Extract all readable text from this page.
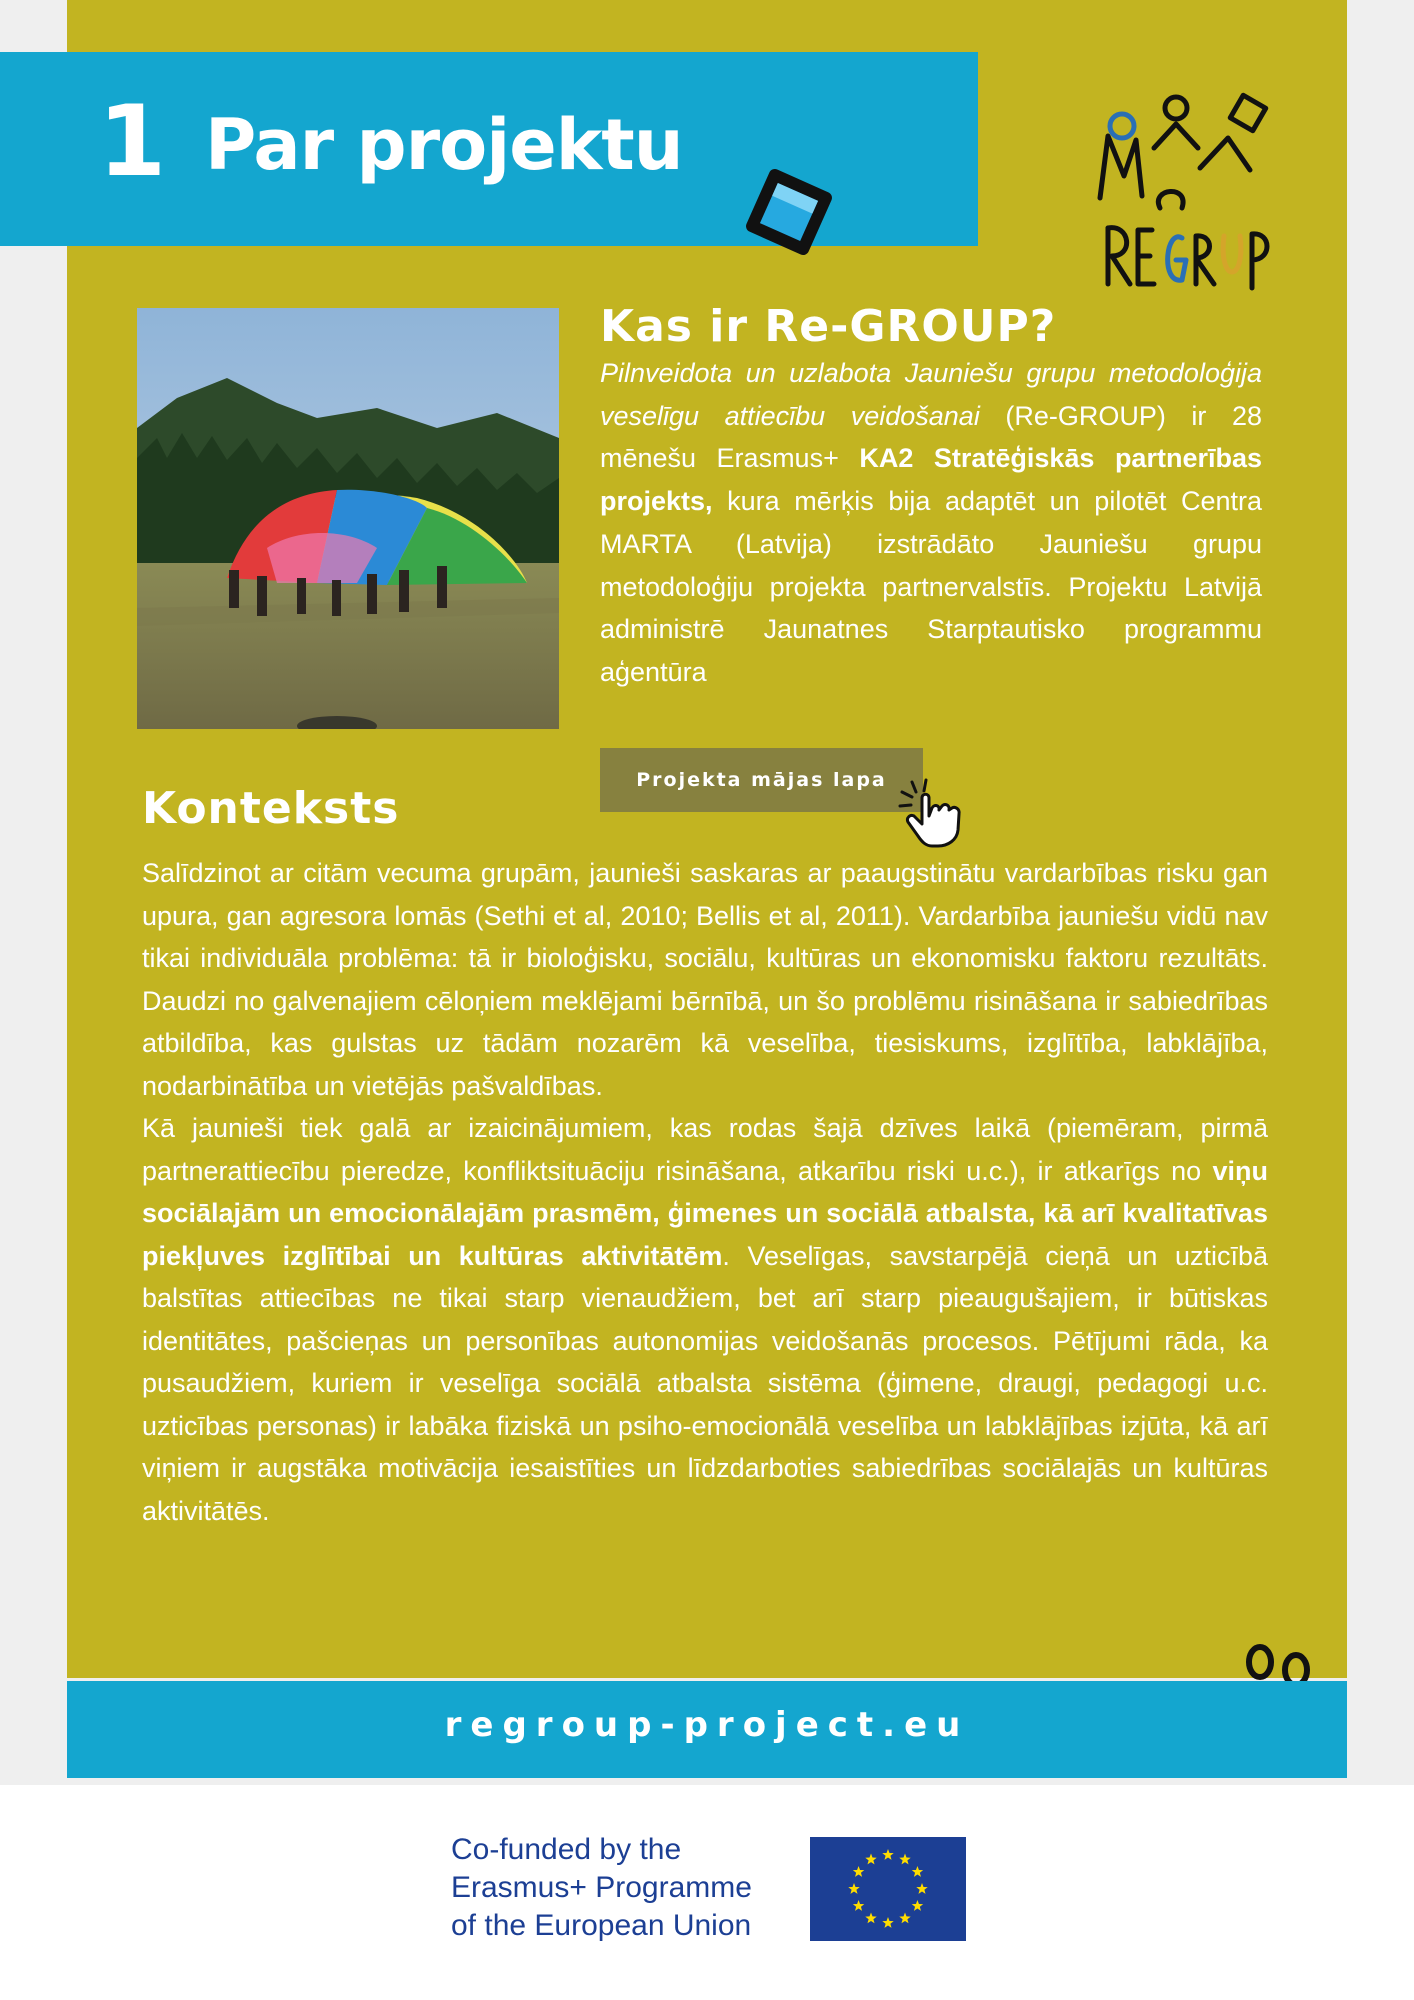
1 Par projektu
Kas ir Re-GROUP?
Pilnveidota un uzlabota Jauniešu grupu metodoloģija veselīgu attiecību veidošanai (Re-GROUP) ir 28 mēnešu Erasmus+ KA2 Stratēģiskās partnerības projekts, kura mērķis bija adaptēt un pilotēt Centra MARTA (Latvija) izstrādāto Jauniešu grupu metodoloģiju projekta partnervalstīs. Projektu Latvijā administrē Jaunatnes Starptautisko programmu aģentūra
Projekta mājas lapa
Konteksts

Salīdzinot ar citām vecuma grupām, jaunieši saskaras ar paaugstinātu vardarbības risku gan upura, gan agresora lomās (Sethi et al, 2010; Bellis et al, 2011). Vardarbība jauniešu vidū nav tikai individuāla problēma: tā ir bioloģisku, sociālu, kultūras un ekonomisku faktoru rezultāts. Daudzi no galvenajiem cēloņiem meklējami bērnībā, un šo problēmu risināšana ir sabiedrības atbildība, kas gulstas uz tādām nozarēm kā veselība, tiesiskums, izglītība, labklājība, nodarbinātība un vietējās pašvaldības.

Kā jaunieši tiek galā ar izaicinājumiem, kas rodas šajā dzīves laikā (piemēram, pirmā partnerattiecību pieredze, konfliktsituāciju risināšana, atkarību riski u.c.), ir atkarīgs no viņu sociālajām un emocionālajām prasmēm, ģimenes un sociālā atbalsta, kā arī kvalitatīvas piekļuves izglītībai un kultūras aktivitātēm. Veselīgas, savstarpējā cieņā un uzticībā balstītas attiecības ne tikai starp vienaudžiem, bet arī starp pieaugušajiem, ir būtiskas identitātes, pašcieņas un personības autonomijas veidošanās procesos. Pētījumi rāda, ka pusaudžiem, kuriem ir veselīga sociālā atbalsta sistēma (ģimene, draugi, pedagogi u.c. uzticības personas) ir labāka fiziskā un psiho-emocionālā veselība un labklājības izjūta, kā arī viņiem ir augstāka motivācija iesaistīties un līdzdarboties sabiedrības sociālajās un kultūras aktivitātēs.

regroup-project.eu
Co-funded by the
Erasmus+ Programme
of the European Union
